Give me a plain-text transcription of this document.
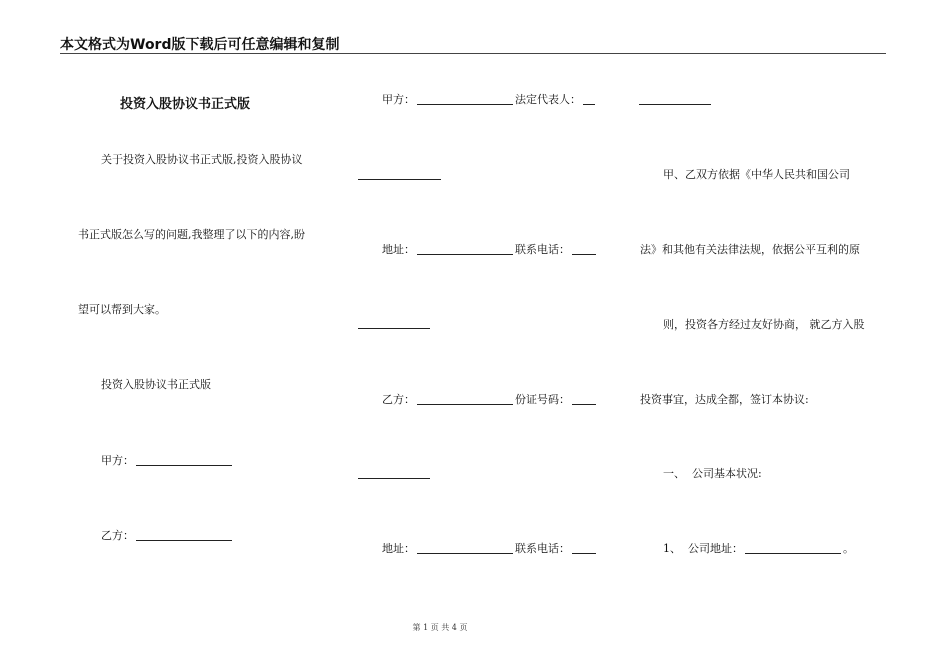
本文格式为Word版下载后可任意编辑和复制
投资入股协议书正式版
关于投资入股协议书正式版,投资入股协议
书正式版怎么写的问题,我整理了以下的内容,盼
望可以帮到大家。
投资入股协议书正式版
甲方：
乙方：
甲方：	法定代表人：
地址：	联系电话：
乙方：	份证号码：
地址：	联系电话：
甲、乙双方依据《中华人民共和国公司
法》和其他有关法律法规，依据公平互利的原
则，投资各方经过友好协商， 就乙方入股
投资事宜，达成全都，签订本协议:
一、  公司基本状况:
1、  公司地址：	。
第 1 页 共 4 页
